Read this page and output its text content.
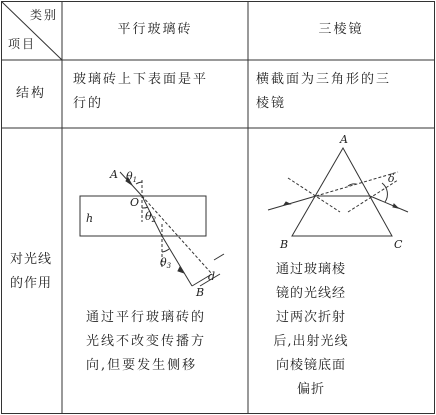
类别
项目
平行玻璃砖	三棱镜
结构
玻璃砖上下表面是平
行的
横截面为三角形的三
棱镜
对光线
的作用
A
O
h
θ1
θ2
θ3
d
B
通过平行玻璃砖的
光线不改变传播方
向,但要发生侧移
A
B	C
δ
通过玻璃棱
镜的光线经
过两次折射
后,出射光线
向棱镜底面
偏折
